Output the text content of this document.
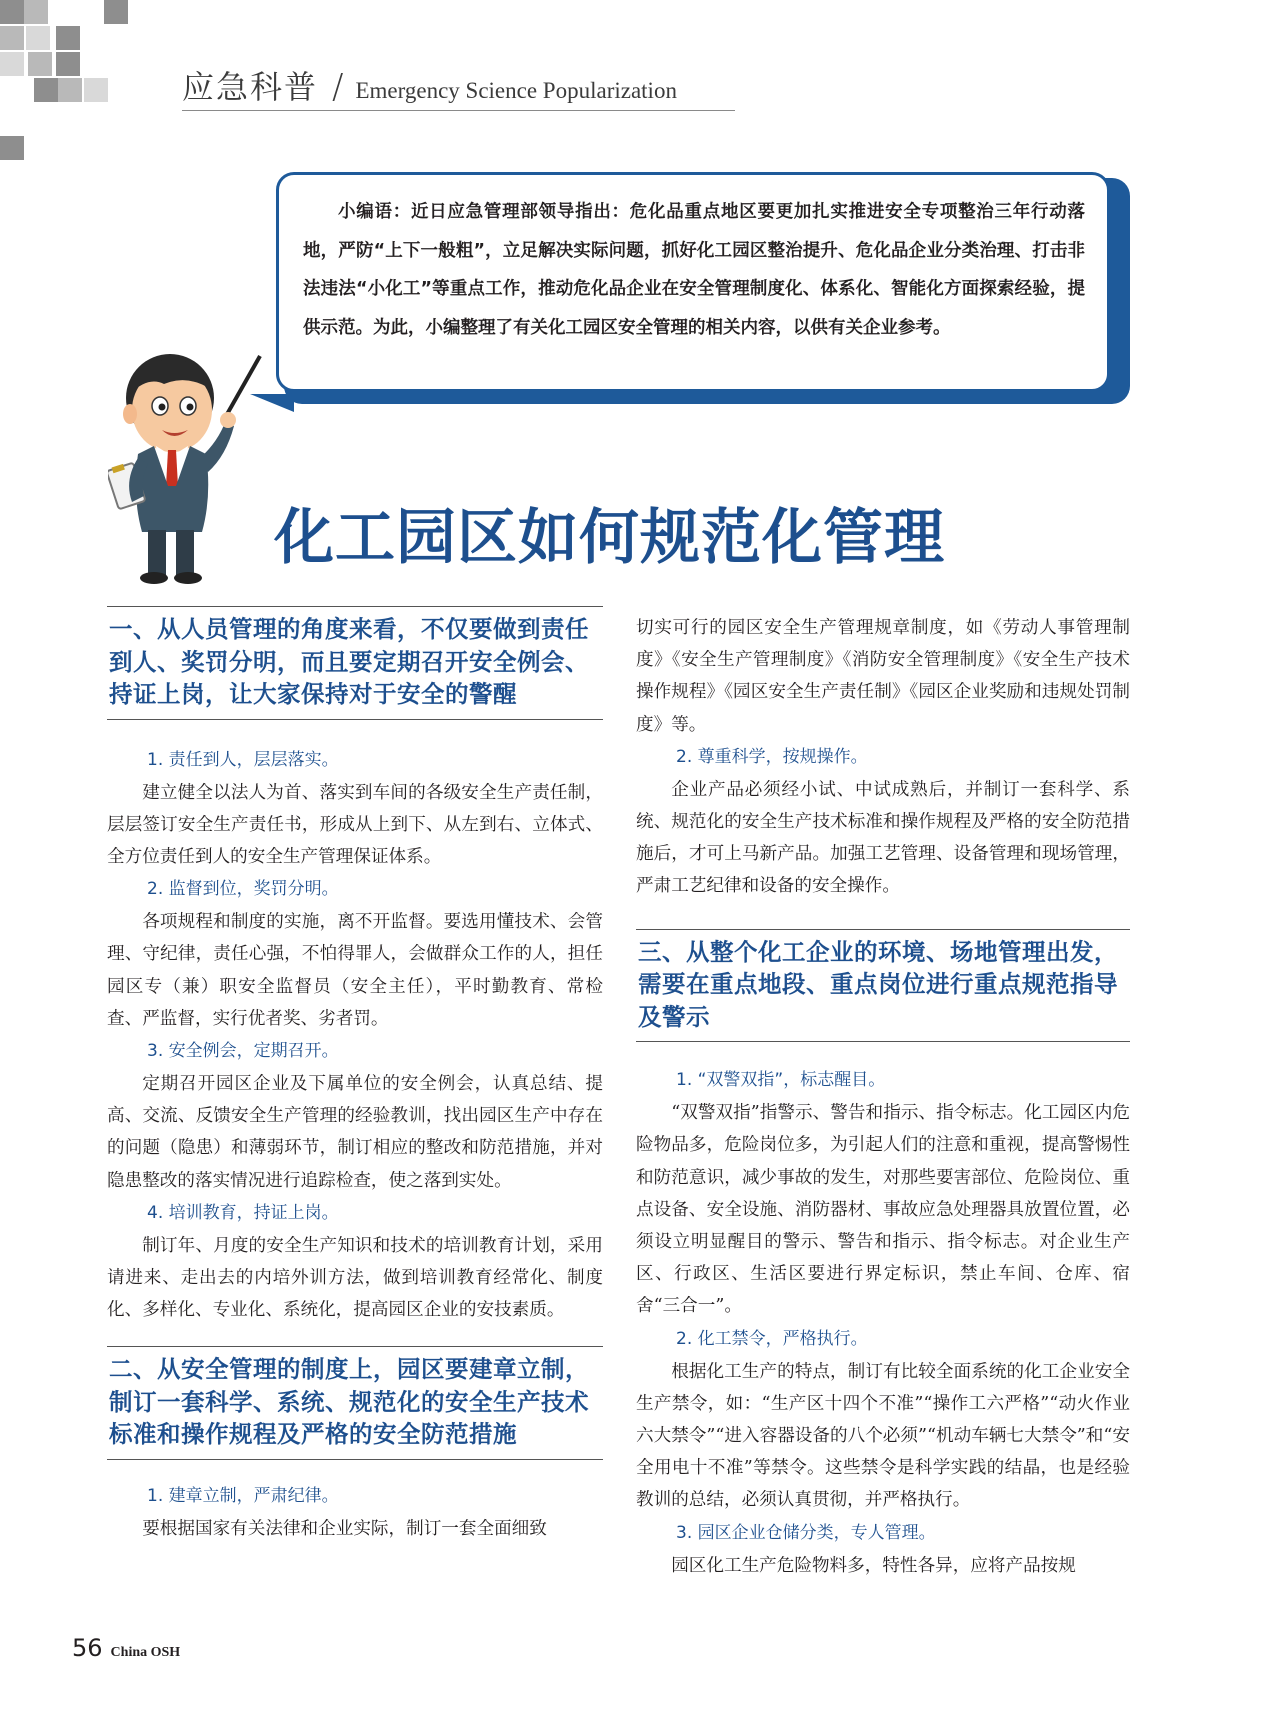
应急科普 / Emergency Science Popularization

小编语：近日应急管理部领导指出：危化品重点地区要更加扎实推进安全专项整治三年行动落地，严防“上下一般粗”，立足解决实际问题，抓好化工园区整治提升、危化品企业分类治理、打击非法违法“小化工”等重点工作，推动危化品企业在安全管理制度化、体系化、智能化方面探索经验，提供示范。为此，小编整理了有关化工园区安全管理的相关内容，以供有关企业参考。

化工园区如何规范化管理
一、从人员管理的角度来看，不仅要做到责任到人、奖罚分明，而且要定期召开安全例会、持证上岗，让大家保持对于安全的警醒

1. 责任到人，层层落实。

建立健全以法人为首、落实到车间的各级安全生产责任制，层层签订安全生产责任书，形成从上到下、从左到右、立体式、全方位责任到人的安全生产管理保证体系。

2. 监督到位，奖罚分明。

各项规程和制度的实施，离不开监督。要选用懂技术、会管理、守纪律，责任心强，不怕得罪人，会做群众工作的人，担任园区专（兼）职安全监督员（安全主任），平时勤教育、常检查、严监督，实行优者奖、劣者罚。

3. 安全例会，定期召开。

定期召开园区企业及下属单位的安全例会，认真总结、提高、交流、反馈安全生产管理的经验教训，找出园区生产中存在的问题（隐患）和薄弱环节，制订相应的整改和防范措施，并对隐患整改的落实情况进行追踪检查，使之落到实处。

4. 培训教育，持证上岗。

制订年、月度的安全生产知识和技术的培训教育计划，采用请进来、走出去的内培外训方法，做到培训教育经常化、制度化、多样化、专业化、系统化，提高园区企业的安技素质。

二、从安全管理的制度上，园区要建章立制，制订一套科学、系统、规范化的安全生产技术标准和操作规程及严格的安全防范措施

1. 建章立制，严肃纪律。

要根据国家有关法律和企业实际，制订一套全面细致

切实可行的园区安全生产管理规章制度，如《劳动人事管理制度》《安全生产管理制度》《消防安全管理制度》《安全生产技术操作规程》《园区安全生产责任制》《园区企业奖励和违规处罚制度》等。

2. 尊重科学，按规操作。

企业产品必须经小试、中试成熟后，并制订一套科学、系统、规范化的安全生产技术标准和操作规程及严格的安全防范措施后，才可上马新产品。加强工艺管理、设备管理和现场管理，严肃工艺纪律和设备的安全操作。

三、从整个化工企业的环境、场地管理出发，需要在重点地段、重点岗位进行重点规范指导及警示

1. “双警双指”，标志醒目。

“双警双指”指警示、警告和指示、指令标志。化工园区内危险物品多，危险岗位多，为引起人们的注意和重视，提高警惕性和防范意识，减少事故的发生，对那些要害部位、危险岗位、重点设备、安全设施、消防器材、事故应急处理器具放置位置，必须设立明显醒目的警示、警告和指示、指令标志。对企业生产区、行政区、生活区要进行界定标识，禁止车间、仓库、宿舍“三合一”。

2. 化工禁令，严格执行。

根据化工生产的特点，制订有比较全面系统的化工企业安全生产禁令，如：“生产区十四个不准”“操作工六严格”“动火作业六大禁令”“进入容器设备的八个必须”“机动车辆七大禁令”和“安全用电十不准”等禁令。这些禁令是科学实践的结晶，也是经验教训的总结，必须认真贯彻，并严格执行。

3. 园区企业仓储分类，专人管理。

园区化工生产危险物料多，特性各异，应将产品按规

56 China OSH
